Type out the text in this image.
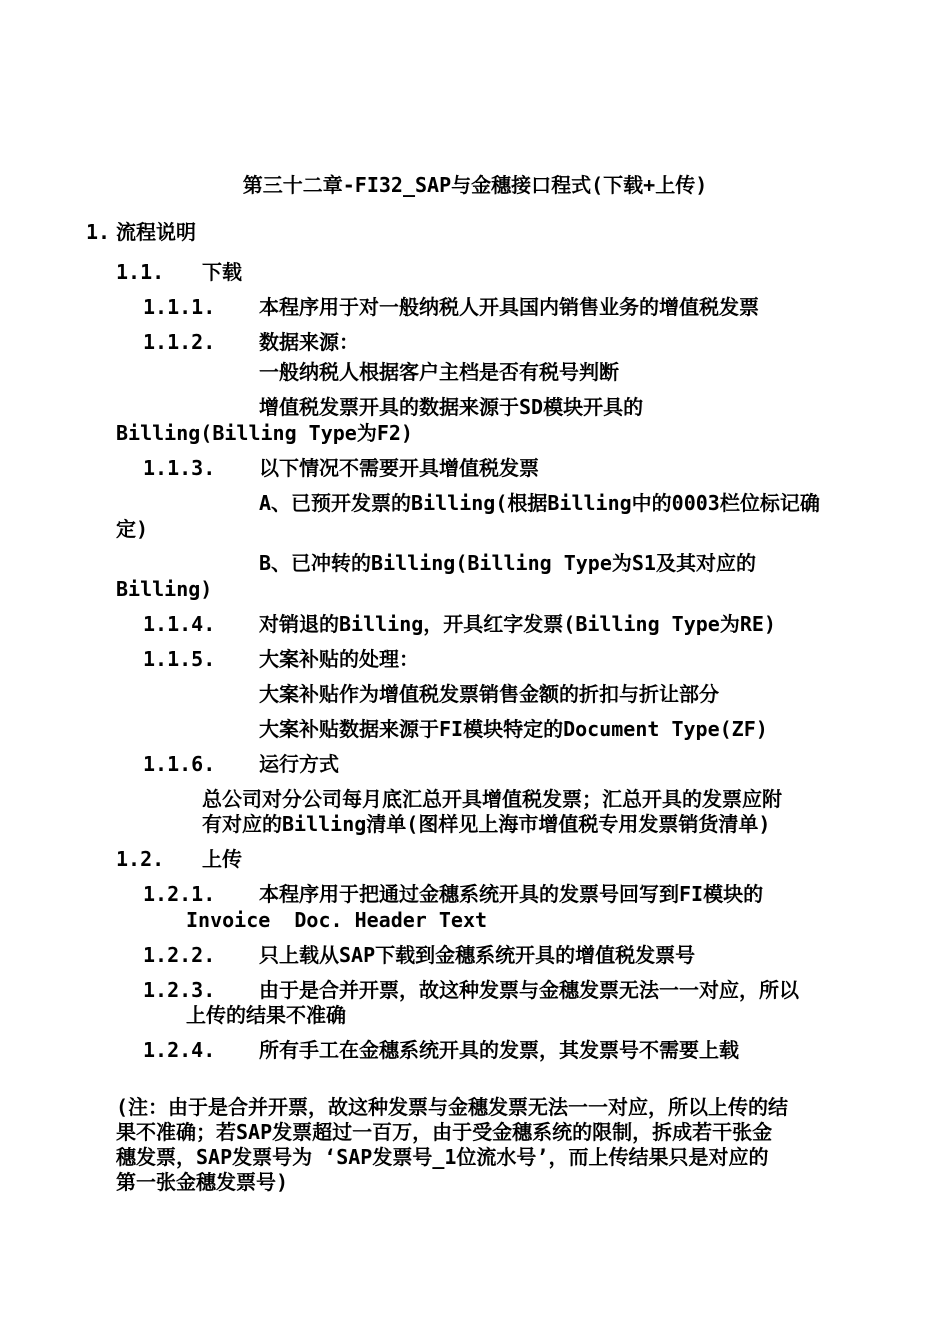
第三十二章-FI32_SAP与金穗接口程式(下载+上传)
1. 流程说明
1.1. 下载
1.1.1. 本程序用于对一般纳税人开具国内销售业务的增值税发票
1.1.2. 数据来源：
一般纳税人根据客户主档是否有税号判断
增值税发票开具的数据来源于SD模块开具的
Billing(Billing Type为F2)
1.1.3. 以下情况不需要开具增值税发票
A、已预开发票的Billing(根据Billing中的0003栏位标记确
定)
B、已冲转的Billing(Billing Type为S1及其对应的
Billing)
1.1.4. 对销退的Billing，开具红字发票(Billing Type为RE)
1.1.5. 大案补贴的处理：
大案补贴作为增值税发票销售金额的折扣与折让部分
大案补贴数据来源于FI模块特定的Document Type(ZF)
1.1.6. 运行方式
总公司对分公司每月底汇总开具增值税发票；汇总开具的发票应附
有对应的Billing清单(图样见上海市增值税专用发票销货清单)
1.2. 上传
1.2.1. 本程序用于把通过金穗系统开具的发票号回写到FI模块的
Invoice  Doc. Header Text
1.2.2. 只上载从SAP下载到金穗系统开具的增值税发票号
1.2.3. 由于是合并开票，故这种发票与金穗发票无法一一对应，所以
上传的结果不准确
1.2.4. 所有手工在金穗系统开具的发票，其发票号不需要上载
(注：由于是合并开票，故这种发票与金穗发票无法一一对应，所以上传的结
果不准确；若SAP发票超过一百万，由于受金穗系统的限制，拆成若干张金
穗发票，SAP发票号为 ‘SAP发票号_1位流水号’，而上传结果只是对应的
第一张金穗发票号)
